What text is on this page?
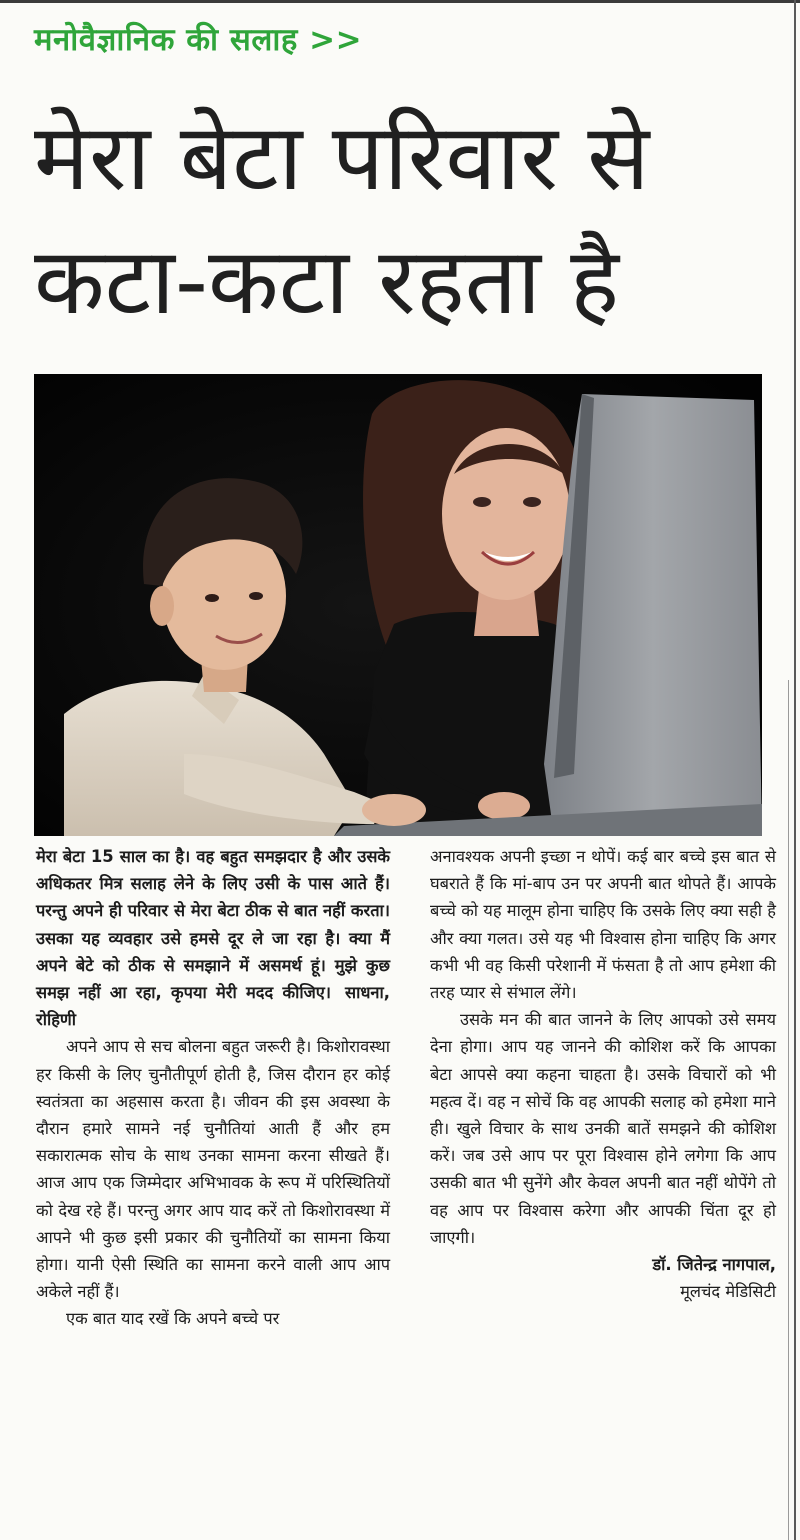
मनोवैज्ञानिक की सलाह >>
मेरा बेटा परिवार से
कटा-कटा रहता है

मेरा बेटा 15 साल का है। वह बहुत समझदार है और उसके अधिकतर मित्र सलाह लेने के लिए उसी के पास आते हैं। परन्तु अपने ही परिवार से मेरा बेटा ठीक से बात नहीं करता। उसका यह व्यवहार उसे हमसे दूर ले जा रहा है। क्या मैं अपने बेटे को ठीक से समझाने में असमर्थ हूं। मुझे कुछ समझ नहीं आ रहा, कृपया मेरी मदद कीजिए। साधना, रोहिणी

अपने आप से सच बोलना बहुत जरूरी है। किशोरावस्था हर किसी के लिए चुनौतीपूर्ण होती है, जिस दौरान हर कोई स्वतंत्रता का अहसास करता है। जीवन की इस अवस्था के दौरान हमारे सामने नई चुनौतियां आती हैं और हम सकारात्मक सोच के साथ उनका सामना करना सीखते हैं। आज आप एक जिम्मेदार अभिभावक के रूप में परिस्थितियों को देख रहे हैं। परन्तु अगर आप याद करें तो किशोरावस्था में आपने भी कुछ इसी प्रकार की चुनौतियों का सामना किया होगा। यानी ऐसी स्थिति का सामना करने वाली आप आप अकेले नहीं हैं।

एक बात याद रखें कि अपने बच्चे पर

अनावश्यक अपनी इच्छा न थोपें। कई बार बच्चे इस बात से घबराते हैं कि मां-बाप उन पर अपनी बात थोपते हैं। आपके बच्चे को यह मालूम होना चाहिए कि उसके लिए क्या सही है और क्या गलत। उसे यह भी विश्वास होना चाहिए कि अगर कभी भी वह किसी परेशानी में फंसता है तो आप हमेशा की तरह प्यार से संभाल लेंगे।

उसके मन की बात जानने के लिए आपको उसे समय देना होगा। आप यह जानने की कोशिश करें कि आपका बेटा आपसे क्या कहना चाहता है। उसके विचारों को भी महत्व दें। वह न सोचें कि वह आपकी सलाह को हमेशा माने ही। खुले विचार के साथ उनकी बातें समझने की कोशिश करें। जब उसे आप पर पूरा विश्वास होने लगेगा कि आप उसकी बात भी सुनेंगे और केवल अपनी बात नहीं थोपेंगे तो वह आप पर विश्वास करेगा और आपकी चिंता दूर हो जाएगी।

डॉ. जितेन्द्र नागपाल,

मूलचंद मेडिसिटी
